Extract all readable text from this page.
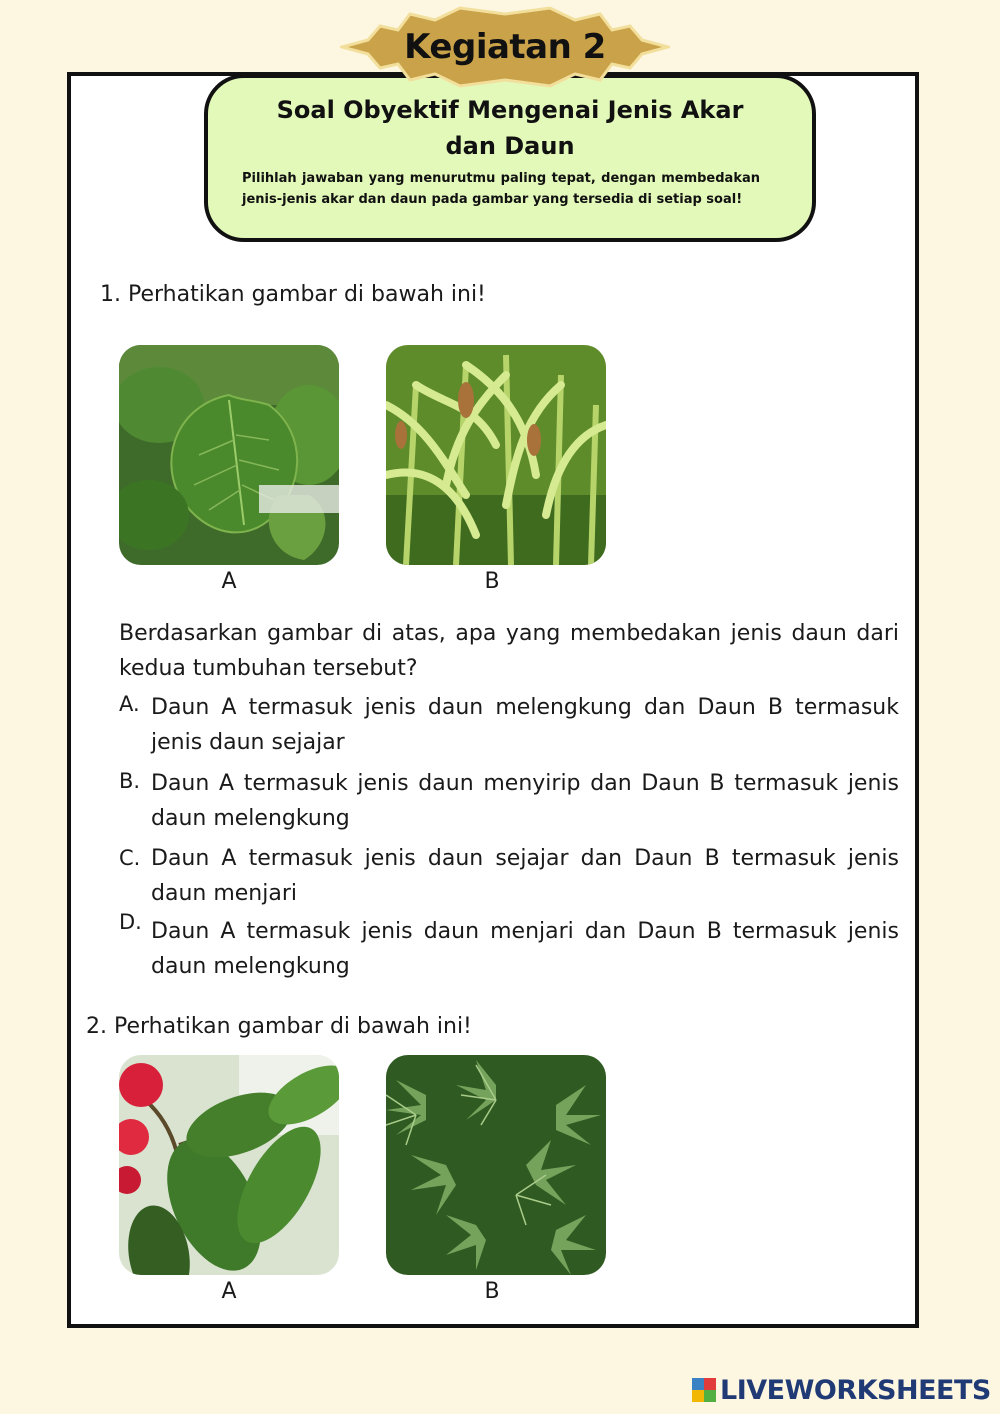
Kegiatan 2
Soal Obyektif Mengenai Jenis Akar
dan Daun
Pilihlah jawaban yang menurutmu paling tepat, dengan membedakan jenis-jenis akar dan daun pada gambar yang tersedia di setiap soal!
1. Perhatikan gambar di bawah ini!
A	B
Berdasarkan gambar di atas, apa yang membedakan jenis daun dari kedua tumbuhan tersebut?
A. Daun A termasuk jenis daun melengkung dan Daun B termasuk jenis daun sejajar
B. Daun A termasuk jenis daun menyirip dan Daun B termasuk jenis daun melengkung
C. Daun A termasuk jenis daun sejajar dan Daun B termasuk jenis daun menjari
D. Daun A termasuk jenis daun menjari dan Daun B termasuk jenis daun melengkung
2. Perhatikan gambar di bawah ini!
A	B
LIVEWORKSHEETS
